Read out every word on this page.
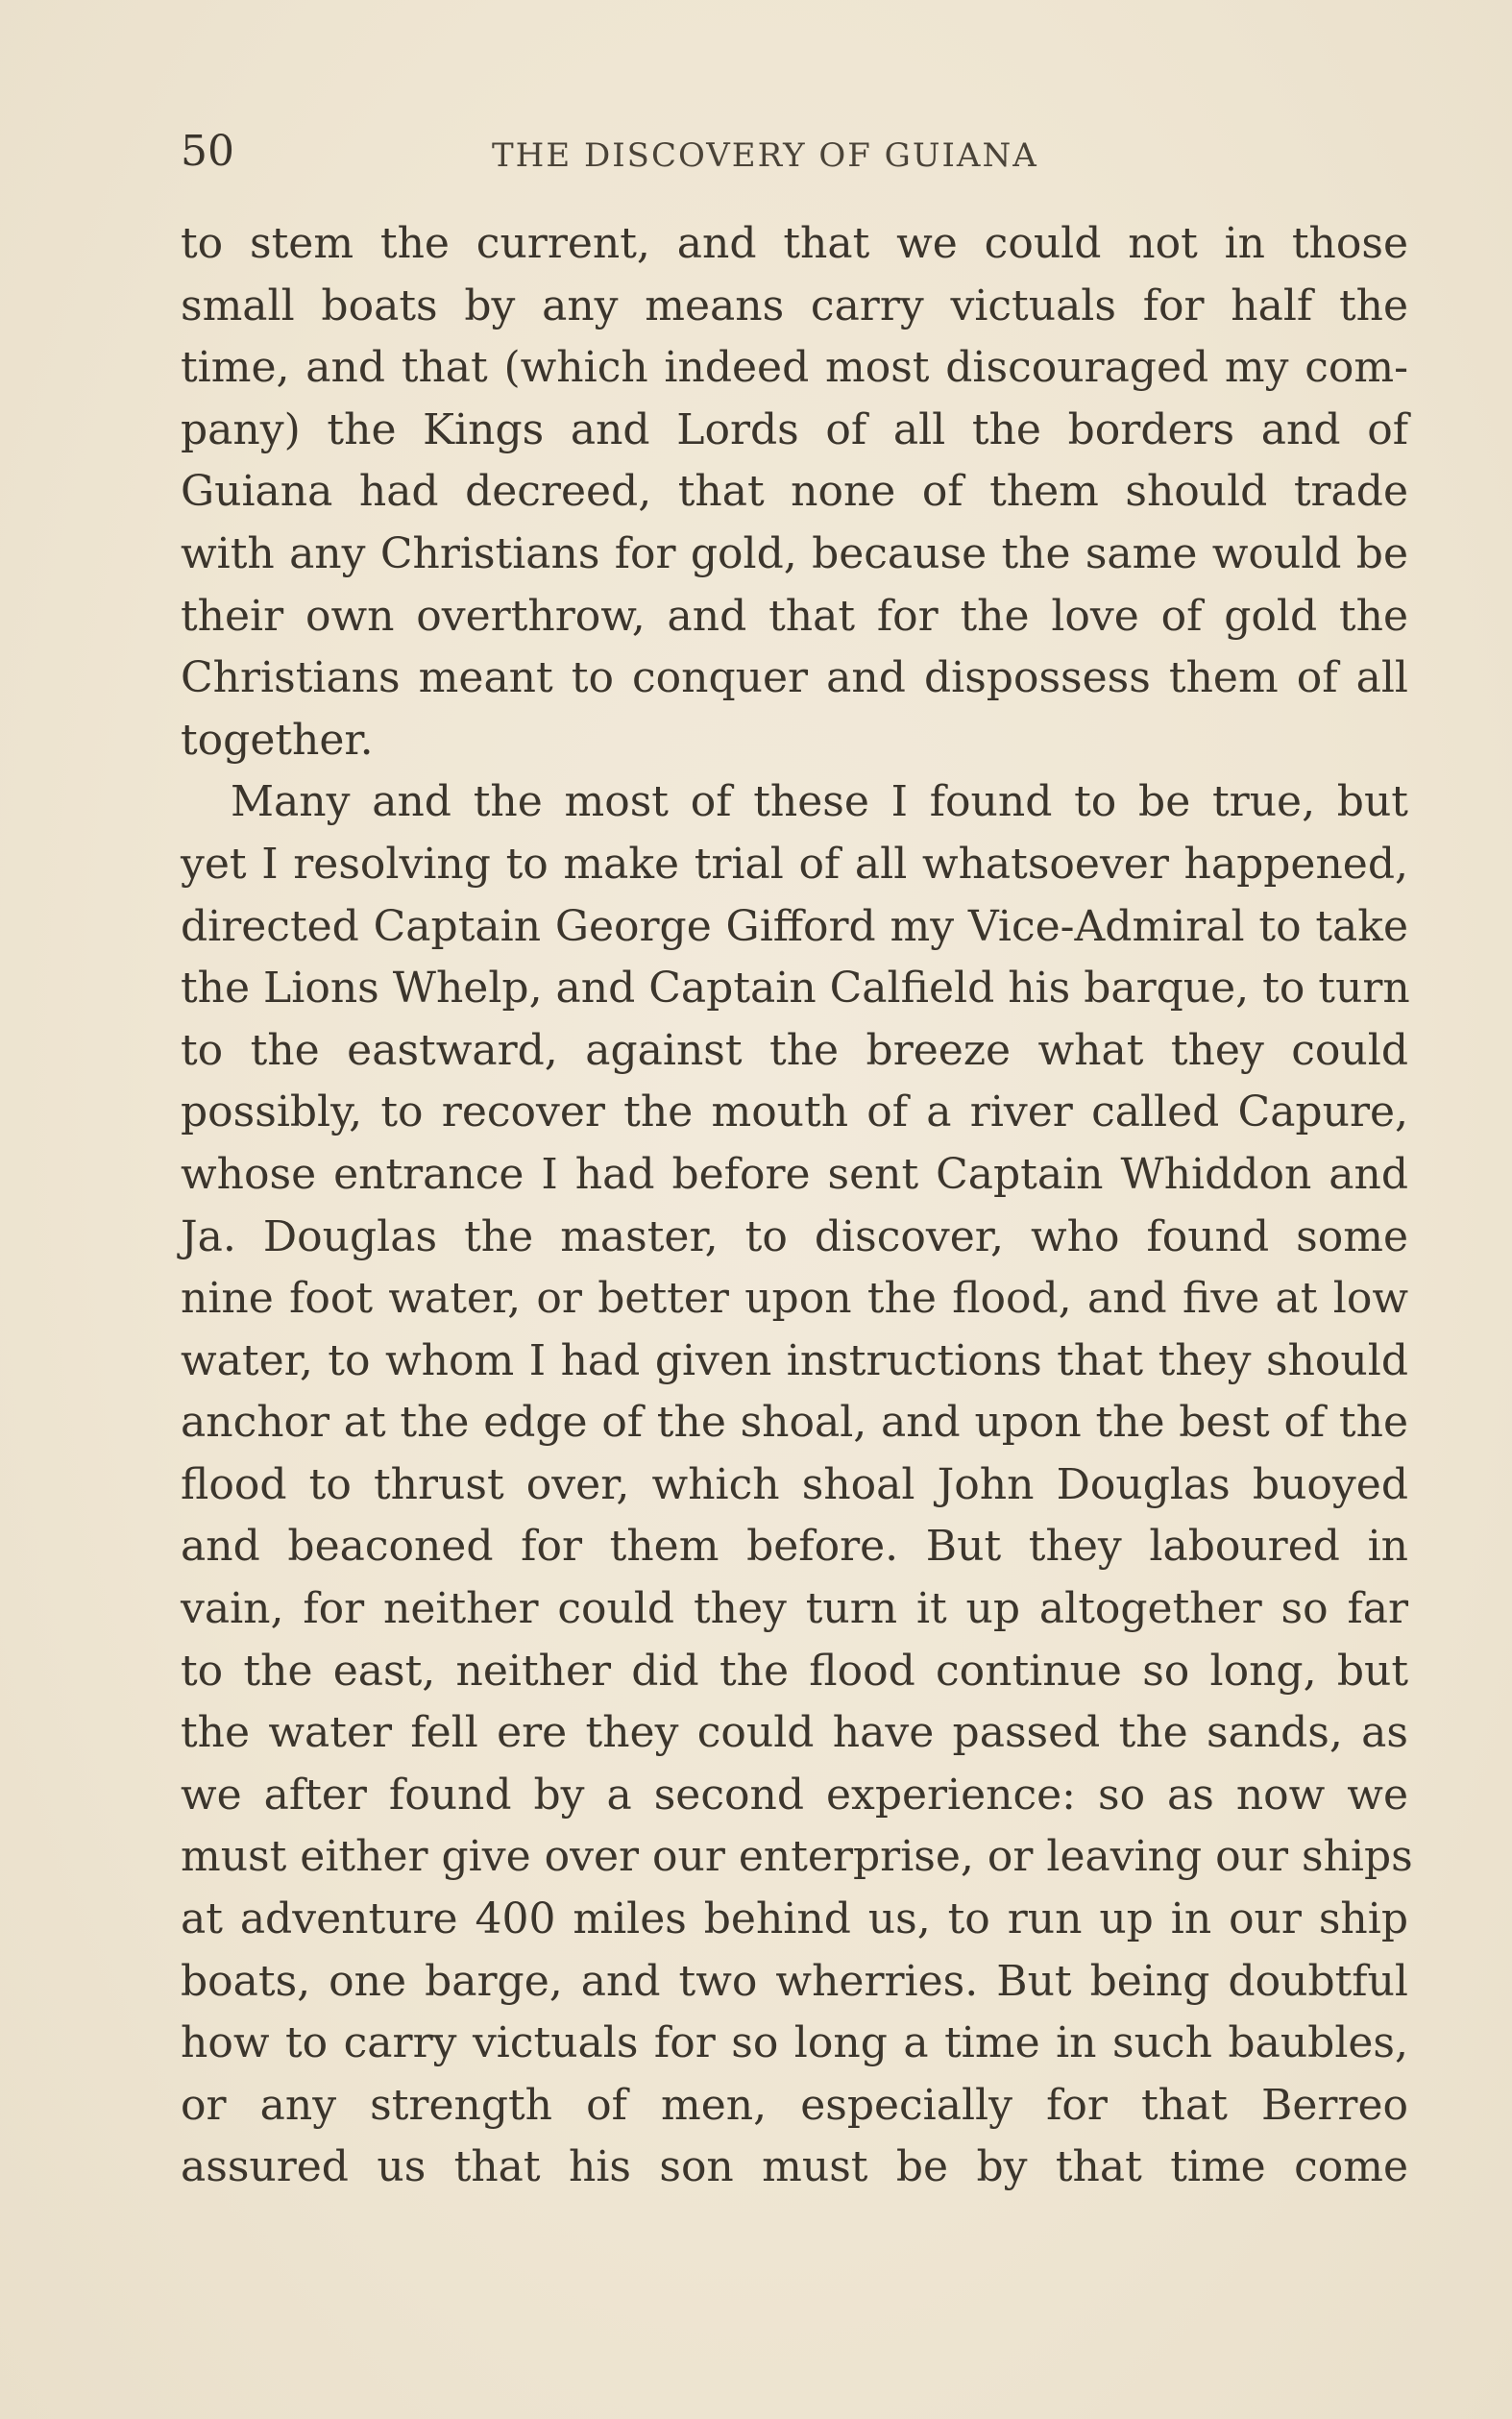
50	THE DISCOVERY OF GUIANA
to stem the current, and that we could not in those
small boats by any means carry victuals for half the
time, and that (which indeed most discouraged my com-
pany) the Kings and Lords of all the borders and of
Guiana had decreed, that none of them should trade
with any Christians for gold, because the same would be
their own overthrow, and that for the love of gold the
Christians meant to conquer and dispossess them of all
together.
Many and the most of these I found to be true, but
yet I resolving to make trial of all whatsoever happened,
directed Captain George Gifford my Vice-Admiral to take
the Lions Whelp, and Captain Calfield his barque, to turn
to the eastward, against the breeze what they could
possibly, to recover the mouth of a river called Capure,
whose entrance I had before sent Captain Whiddon and
Ja. Douglas the master, to discover, who found some
nine foot water, or better upon the flood, and five at low
water, to whom I had given instructions that they should
anchor at the edge of the shoal, and upon the best of the
flood to thrust over, which shoal John Douglas buoyed
and beaconed for them before. But they laboured in
vain, for neither could they turn it up altogether so far
to the east, neither did the flood continue so long, but
the water fell ere they could have passed the sands, as
we after found by a second experience: so as now we
must either give over our enterprise, or leaving our ships
at adventure 400 miles behind us, to run up in our ship
boats, one barge, and two wherries. But being doubtful
how to carry victuals for so long a time in such baubles,
or any strength of men, especially for that Berreo
assured us that his son must be by that time come
